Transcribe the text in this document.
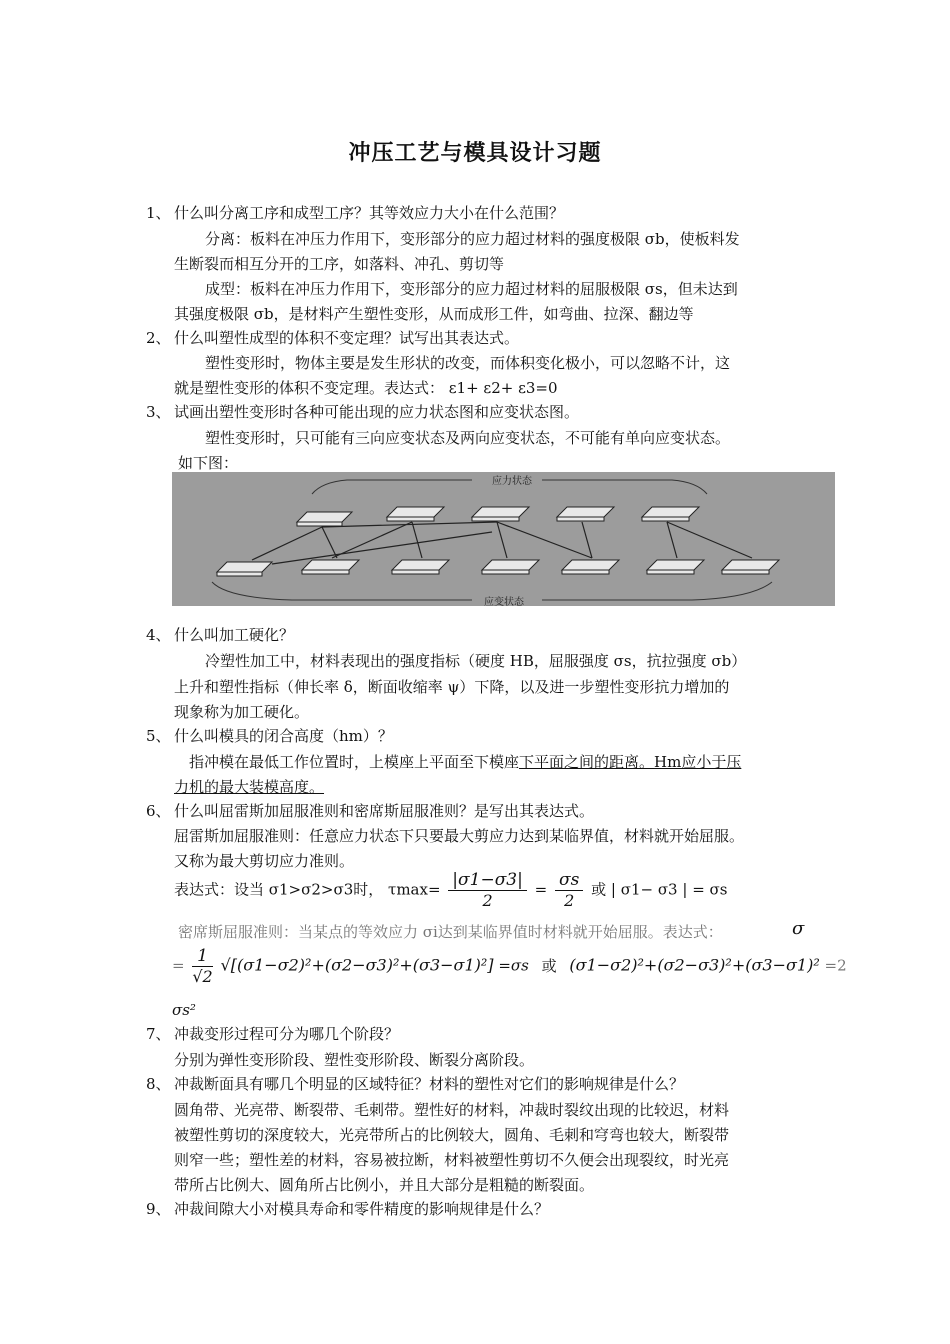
冲压工艺与模具设计习题
1、 什么叫分离工序和成型工序？其等效应力大小在什么范围？
分离：板料在冲压力作用下，变形部分的应力超过材料的强度极限 σb，使板料发
生断裂而相互分开的工序，如落料、冲孔、剪切等
成型：板料在冲压力作用下，变形部分的应力超过材料的屈服极限 σs，但未达到
其强度极限 σb，是材料产生塑性变形，从而成形工件，如弯曲、拉深、翻边等
2、 什么叫塑性成型的体积不变定理？试写出其表达式。
塑性变形时，物体主要是发生形状的改变，而体积变化极小，可以忽略不计，这
就是塑性变形的体积不变定理。表达式： ε1+ ε2+ ε3=0
3、 试画出塑性变形时各种可能出现的应力状态图和应变状态图。
塑性变形时，只可能有三向应变状态及两向应变状态，不可能有单向应变状态。
如下图：
应力状态
应变状态
4、 什么叫加工硬化？
冷塑性加工中，材料表现出的强度指标（硬度 HB，屈服强度 σs，抗拉强度 σb）
上升和塑性指标（伸长率 δ，断面收缩率 ψ）下降，以及进一步塑性变形抗力增加的
现象称为加工硬化。
5、 什么叫模具的闭合高度（hm）？
指冲模在最低工作位置时，上模座上平面至下模座下平面之间的距离。Hm应小于压
力机的最大装模高度。
6、 什么叫屈雷斯加屈服准则和密席斯屈服准则？是写出其表达式。
屈雷斯加屈服准则：任意应力状态下只要最大剪应力达到某临界值，材料就开始屈服。
又称为最大剪切应力准则。
表达式：设当 σ1>σ2>σ3时， $\tau\max= \frac{|\sigma 1-\sigma 3|}{2} = \frac{\sigma s}{2}$ 或 | σ1− σ3 | = σs
密席斯屈服准则：当某点的等效应力 σi达到某临界值时材料就开始屈服。表达式：	σ
= $\frac{1}{√2} √[(\sigma 1-\sigma 2)^2+(\sigma 2-\sigma 3)^2+(\sigma 3-\sigma 1)^2] =\sigma s$ 或 (σ1−σ2)²+(σ2−σ3)²+(σ3−σ1)² =2
σs²
7、 冲裁变形过程可分为哪几个阶段？
分别为弹性变形阶段、塑性变形阶段、断裂分离阶段。
8、 冲裁断面具有哪几个明显的区域特征？材料的塑性对它们的影响规律是什么？
圆角带、光亮带、断裂带、毛刺带。塑性好的材料，冲裁时裂纹出现的比较迟，材料
被塑性剪切的深度较大，光亮带所占的比例较大，圆角、毛刺和穹弯也较大，断裂带
则窄一些；塑性差的材料，容易被拉断，材料被塑性剪切不久便会出现裂纹，时光亮
带所占比例大、圆角所占比例小，并且大部分是粗糙的断裂面。
9、 冲裁间隙大小对模具寿命和零件精度的影响规律是什么？
